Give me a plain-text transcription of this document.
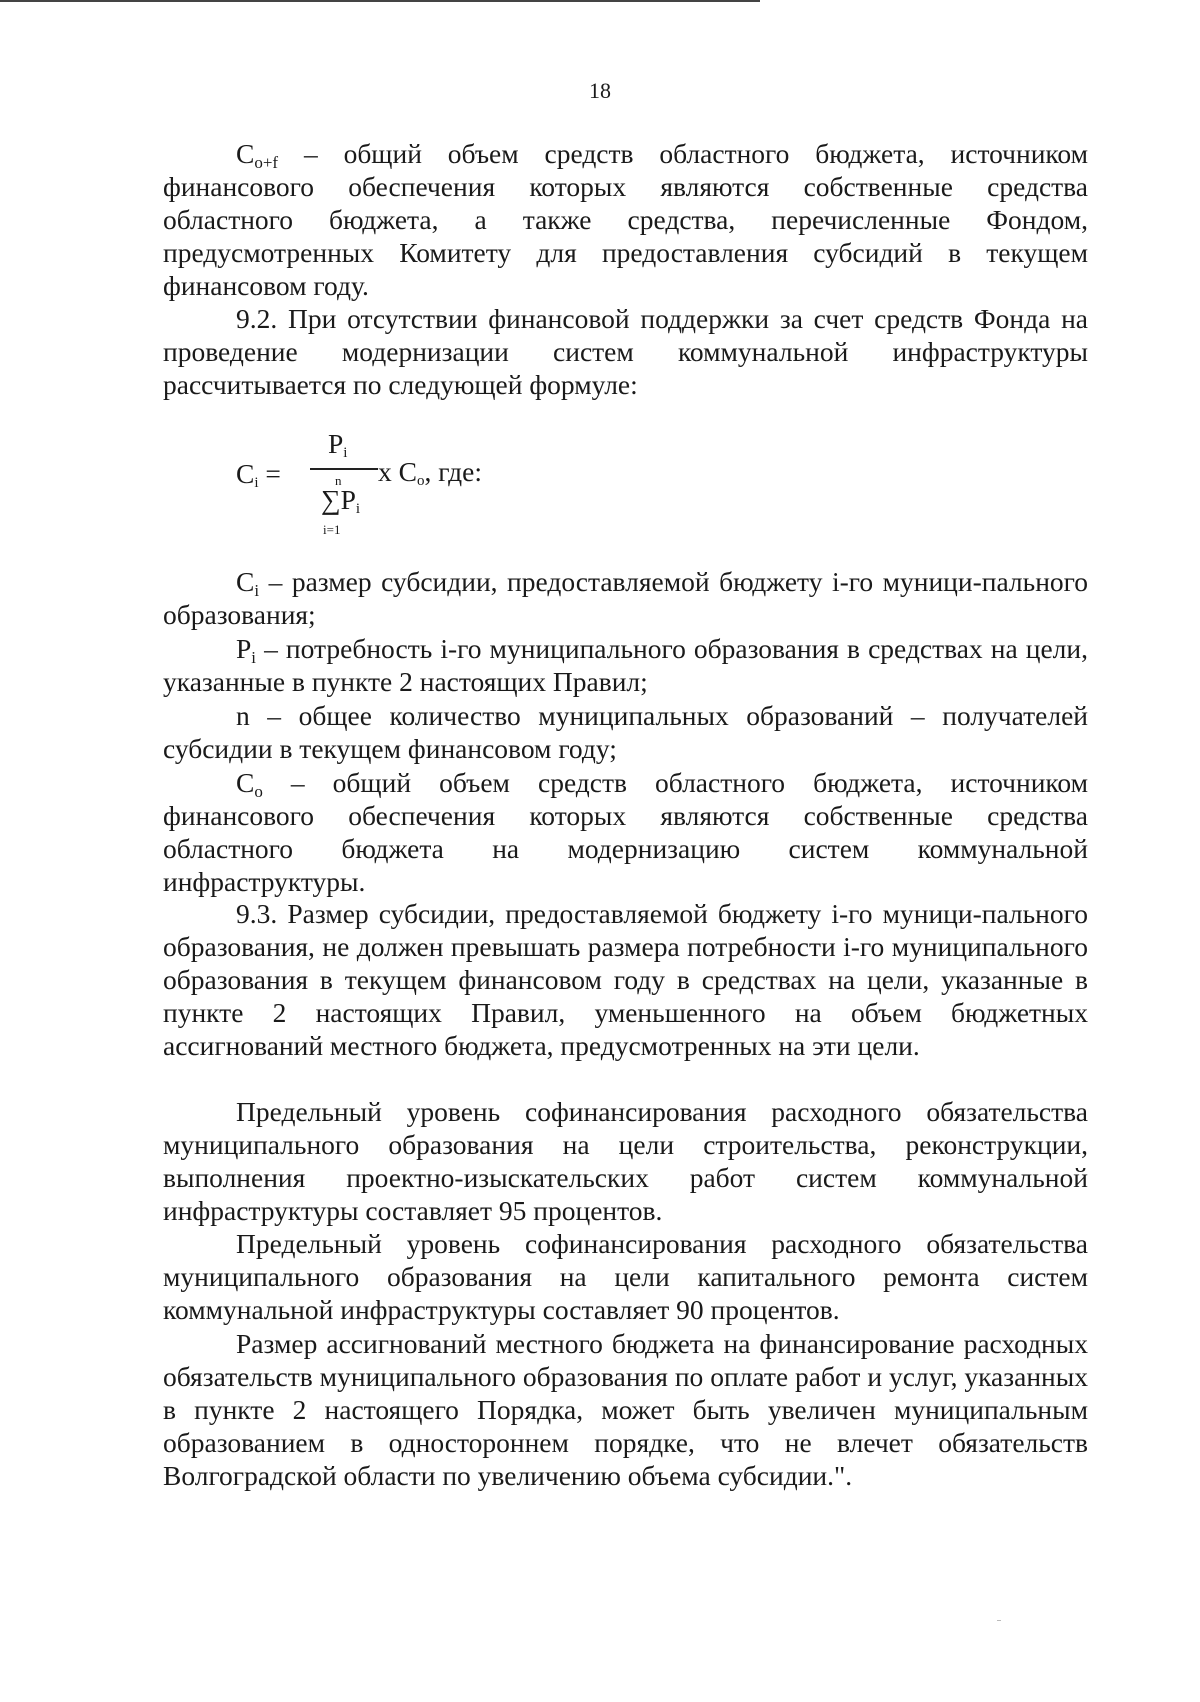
18

$C_{o+f}$ – общий объем средств областного бюджета, источником финансового обеспечения которых являются собственные средства областного бюджета, а также средства, перечисленные Фондом, предусмотренных Комитету для предоставления субсидий в текущем финансовом году.

9.2. При отсутствии финансовой поддержки за счет средств Фонда на проведение модернизации систем коммунальной инфраструктуры рассчитывается по следующей формуле:

$C_i$ =
$P_i$
х $C_o$, где:
n
$\sum P_i$
i=1

$C_i$ – размер субсидии, предоставляемой бюджету i-го муници-пального образования;

$P_i$ – потребность i-го муниципального образования в средствах на цели, указанные в пункте 2 настоящих Правил;

n – общее количество муниципальных образований – получателей субсидии в текущем финансовом году;

$C_o$ – общий объем средств областного бюджета, источником финансового обеспечения которых являются собственные средства областного бюджета на модернизацию систем коммунальной инфраструктуры.

9.3. Размер субсидии, предоставляемой бюджету i-го муници-пального образования, не должен превышать размера потребности i-го муниципального образования в текущем финансовом году в средствах на цели, указанные в пункте 2 настоящих Правил, уменьшенного на объем бюджетных ассигнований местного бюджета, предусмотренных на эти цели.

Предельный уровень софинансирования расходного обязательства муниципального образования на цели строительства, реконструкции, выполнения проектно-изыскательских работ систем коммунальной инфраструктуры составляет 95 процентов.

Предельный уровень софинансирования расходного обязательства муниципального образования на цели капитального ремонта систем коммунальной инфраструктуры составляет 90 процентов.

Размер ассигнований местного бюджета на финансирование расходных обязательств муниципального образования по оплате работ и услуг, указанных в пункте 2 настоящего Порядка, может быть увеличен муниципальным образованием в одностороннем порядке, что не влечет обязательств Волгоградской области по увеличению объема субсидии.".
